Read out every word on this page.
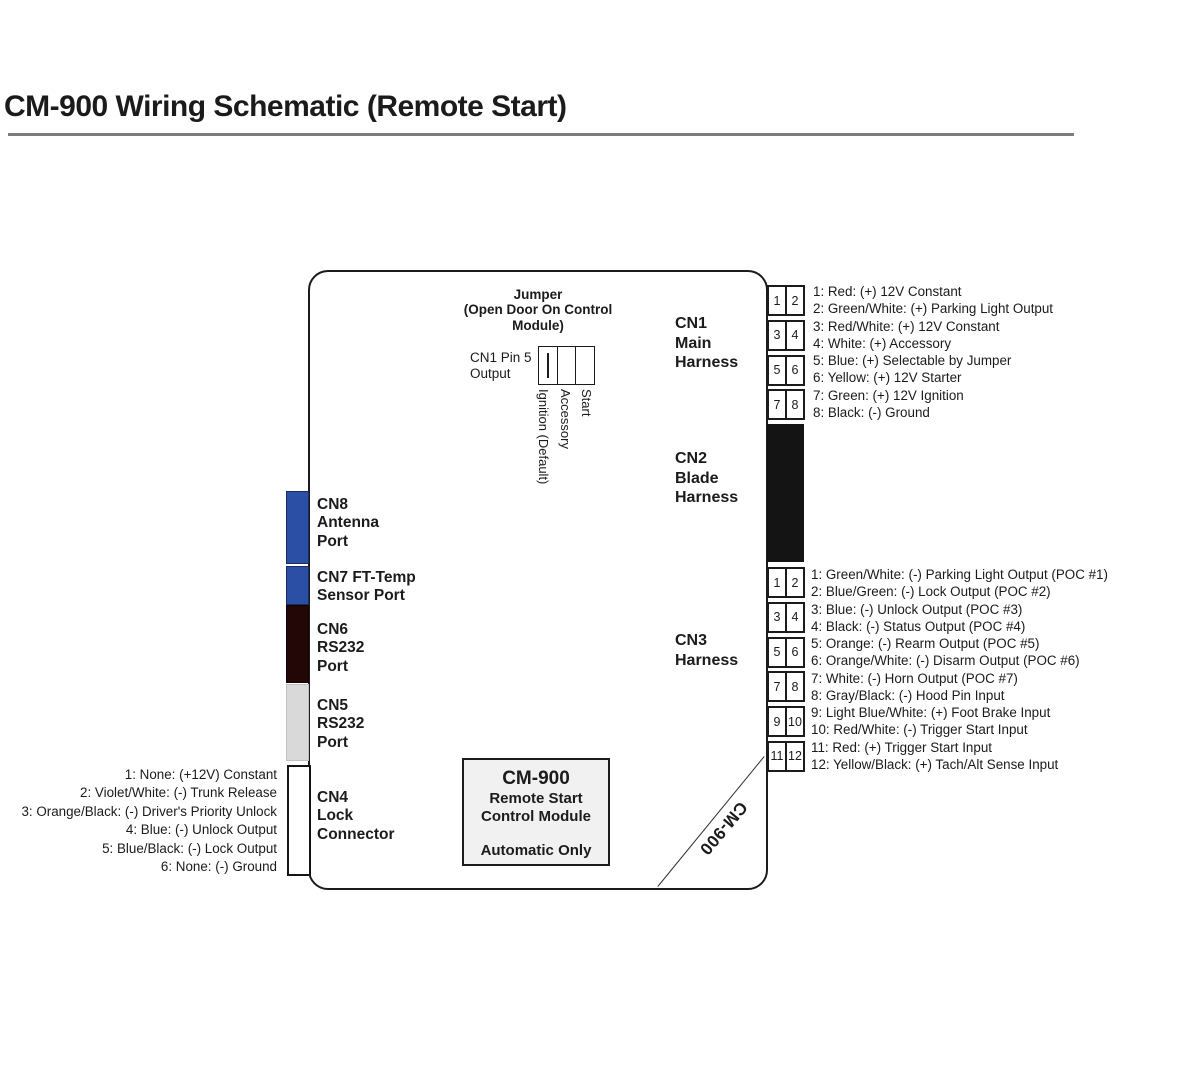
CM-900 Wiring Schematic (Remote Start)
Jumper
(Open Door On Control
Module)
CN1 Pin 5
Output
Ignition (Default) Accessory Start
CN1
Main
Harness
CN2
Blade
Harness
CN3
Harness
1 2
3 4
5 6
7 8
1 2
3 4
5 6
7 8
9 10
11 12
1: Red: (+) 12V Constant
2: Green/White: (+) Parking Light Output
3: Red/White: (+) 12V Constant
4: White: (+) Accessory
5: Blue: (+) Selectable by Jumper
6: Yellow: (+) 12V Starter
7: Green: (+) 12V Ignition
8: Black: (-) Ground
1: Green/White: (-) Parking Light Output (POC #1)
2: Blue/Green: (-) Lock Output (POC #2)
3: Blue: (-) Unlock Output (POC #3)
4: Black: (-) Status Output (POC #4)
5: Orange: (-) Rearm Output (POC #5)
6: Orange/White: (-) Disarm Output (POC #6)
7: White: (-) Horn Output (POC #7)
8: Gray/Black: (-) Hood Pin Input
9: Light Blue/White: (+) Foot Brake Input
10: Red/White: (-) Trigger Start Input
11: Red: (+) Trigger Start Input
12: Yellow/Black: (+) Tach/Alt Sense Input
1: None: (+12V) Constant
2: Violet/White: (-) Trunk Release
3: Orange/Black: (-) Driver's Priority Unlock
4: Blue: (-) Unlock Output
5: Blue/Black: (-) Lock Output
6: None: (-) Ground
CN8
Antenna
Port
CN7 FT-Temp
Sensor Port
CN6
RS232
Port
CN5
RS232
Port
CN4
Lock
Connector
CM-900
Remote Start
Control Module
Automatic Only	CM-900
